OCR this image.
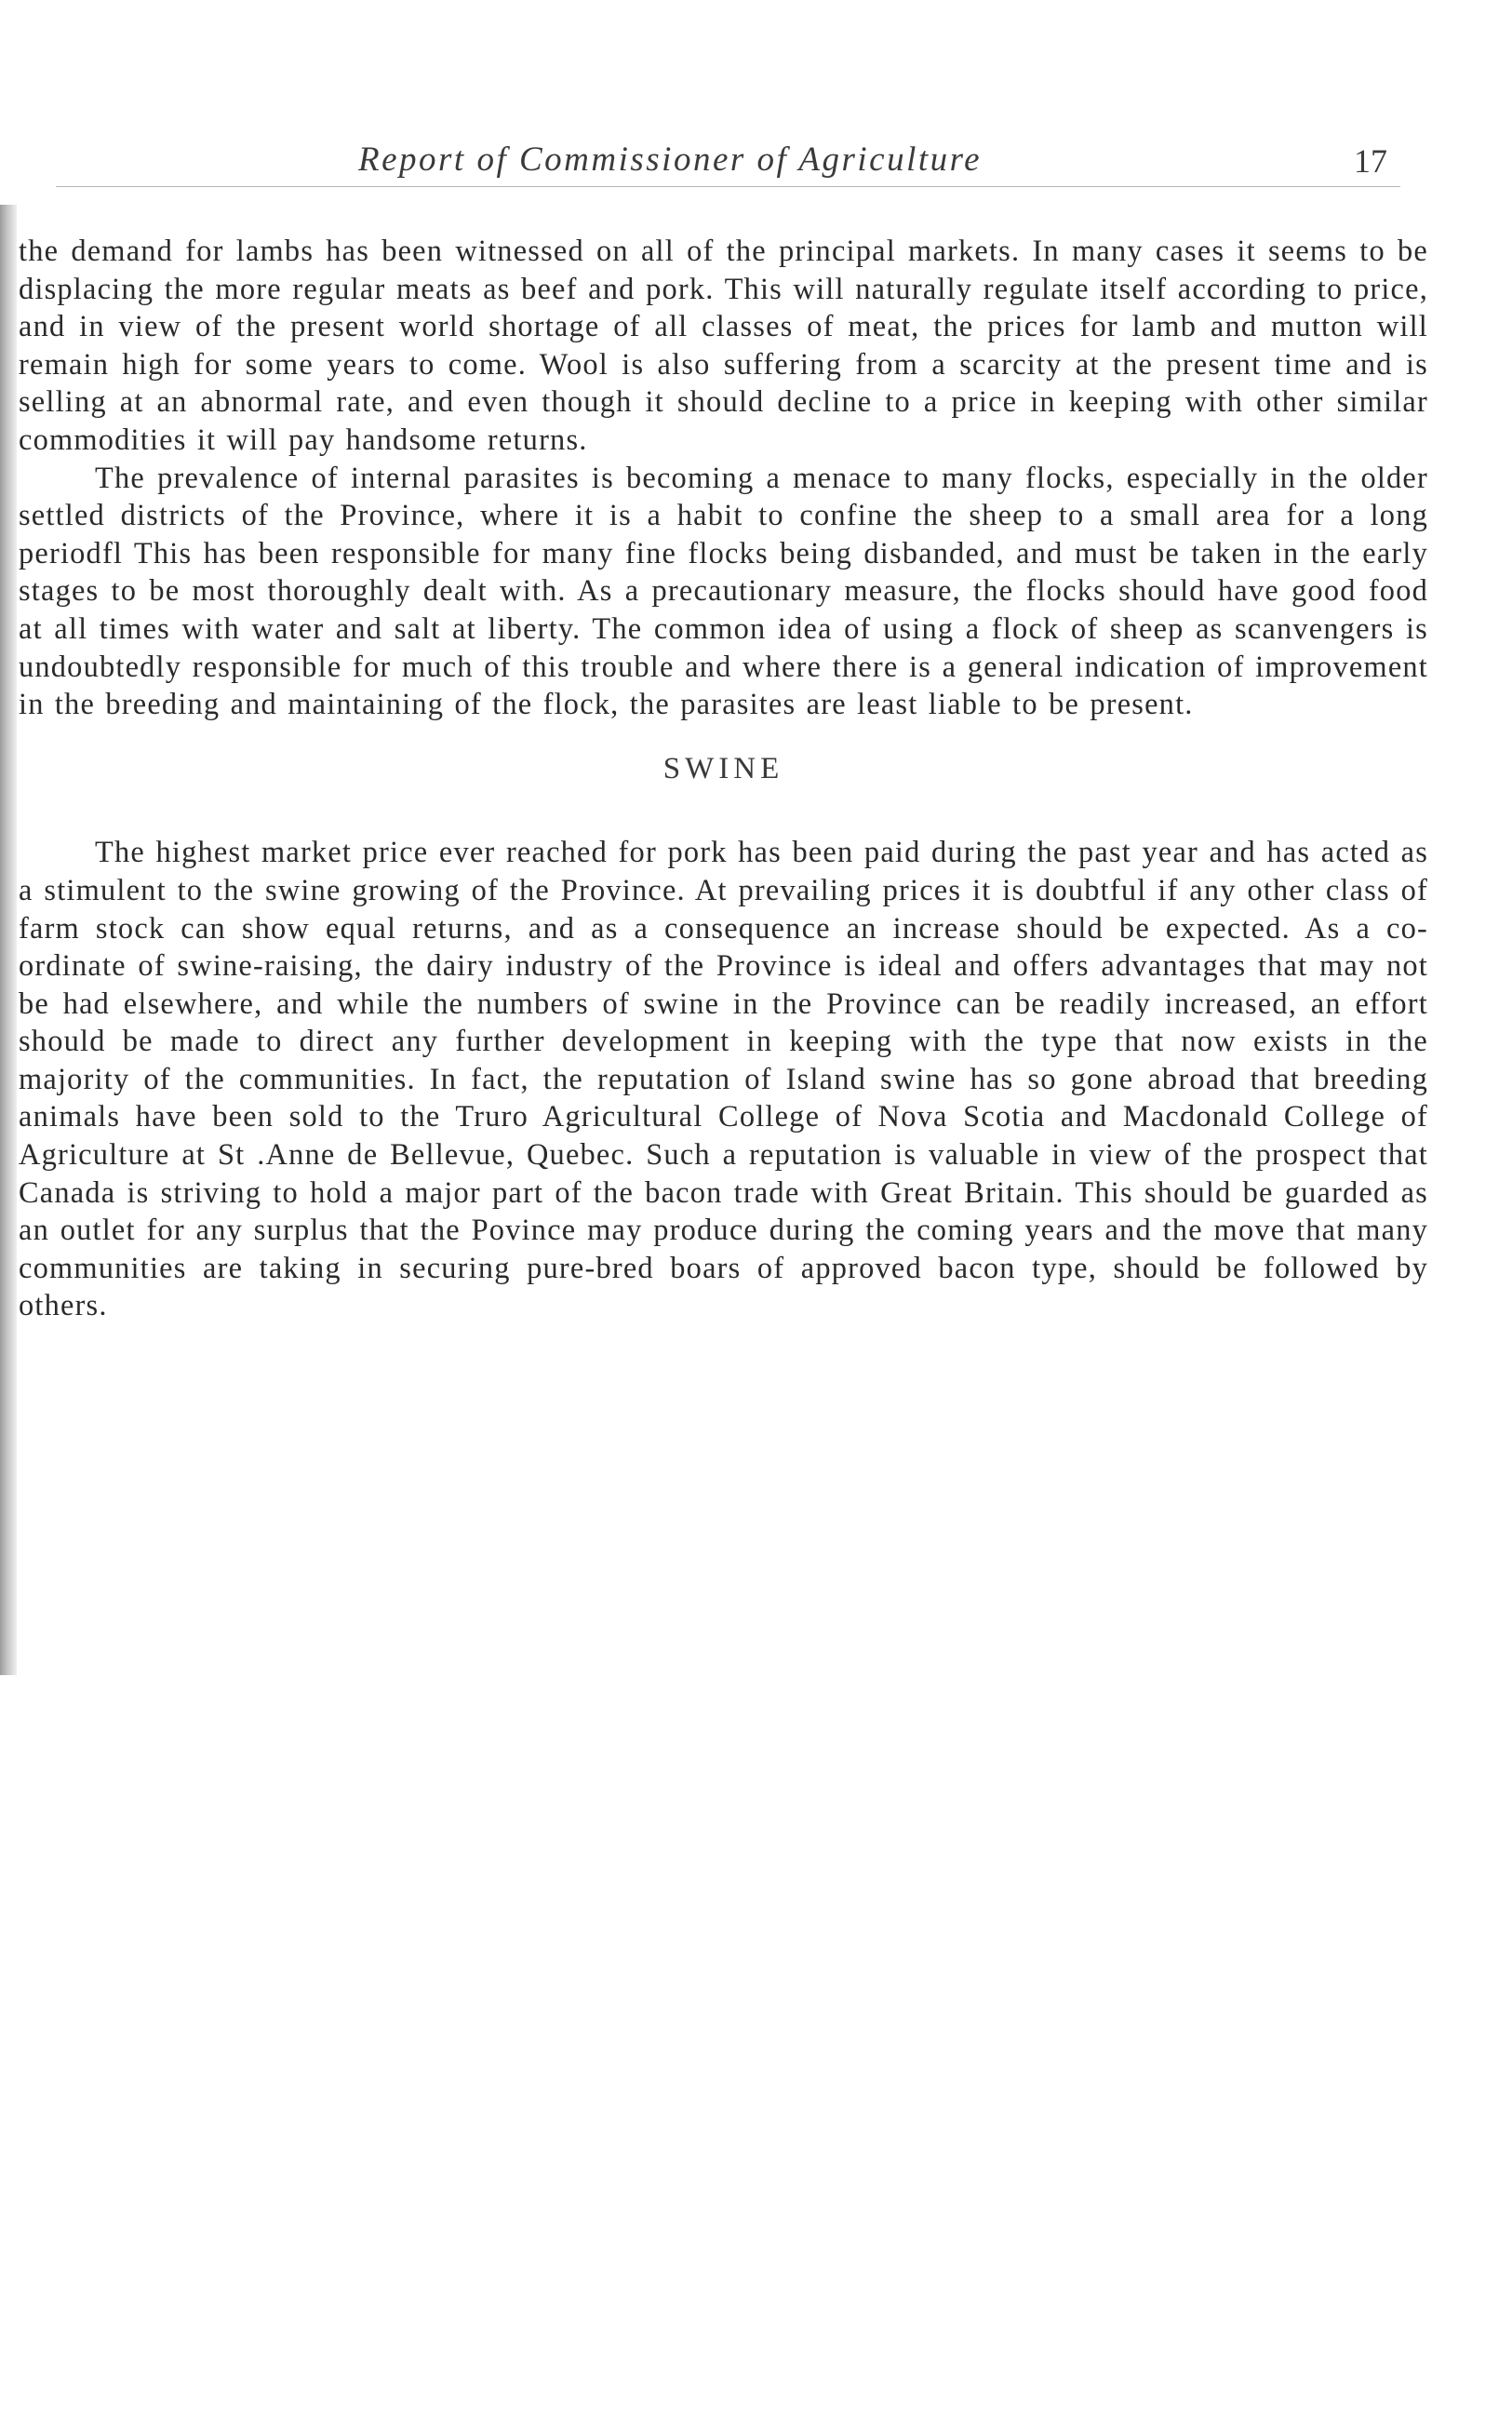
Report of Commissioner of Agriculture	17

the demand for lambs has been witnessed on all of the principal markets. In many cases it seems to be displacing the more regular meats as beef and pork. This will naturally regulate itself according to price, and in view of the present world shortage of all classes of meat, the prices for lamb and mutton will remain high for some years to come. Wool is also suffering from a scarcity at the present time and is selling at an abnormal rate, and even though it should decline to a price in keeping with other similar commodities it will pay handsome returns.

The prevalence of internal parasites is becoming a menace to many flocks, especially in the older settled districts of the Province, where it is a habit to confine the sheep to a small area for a long periodfl This has been responsible for many fine flocks being disbanded, and must be taken in the early stages to be most thoroughly dealt with. As a precautionary measure, the flocks should have good food at all times with water and salt at liberty. The common idea of using a flock of sheep as scanvengers is undoubtedly responsible for much of this trouble and where there is a general indication of improvement in the breeding and maintaining of the flock, the parasites are least liable to be present.

SWINE

The highest market price ever reached for pork has been paid during the past year and has acted as a stimulent to the swine growing of the Province. At prevailing prices it is doubtful if any other class of farm stock can show equal returns, and as a consequence an increase should be expected. As a co-ordinate of swine-raising, the dairy industry of the Province is ideal and offers advantages that may not be had elsewhere, and while the numbers of swine in the Province can be readily increased, an effort should be made to direct any further development in keeping with the type that now exists in the majority of the communities. In fact, the reputation of Island swine has so gone abroad that breeding animals have been sold to the Truro Agricultural College of Nova Scotia and Macdonald College of Agriculture at St .Anne de Bellevue, Quebec. Such a reputation is valuable in view of the prospect that Canada is striving to hold a major part of the bacon trade with Great Britain. This should be guarded as an outlet for any surplus that the Povince may produce during the coming years and the move that many communities are taking in securing pure-bred boars of approved bacon type, should be followed by others.
